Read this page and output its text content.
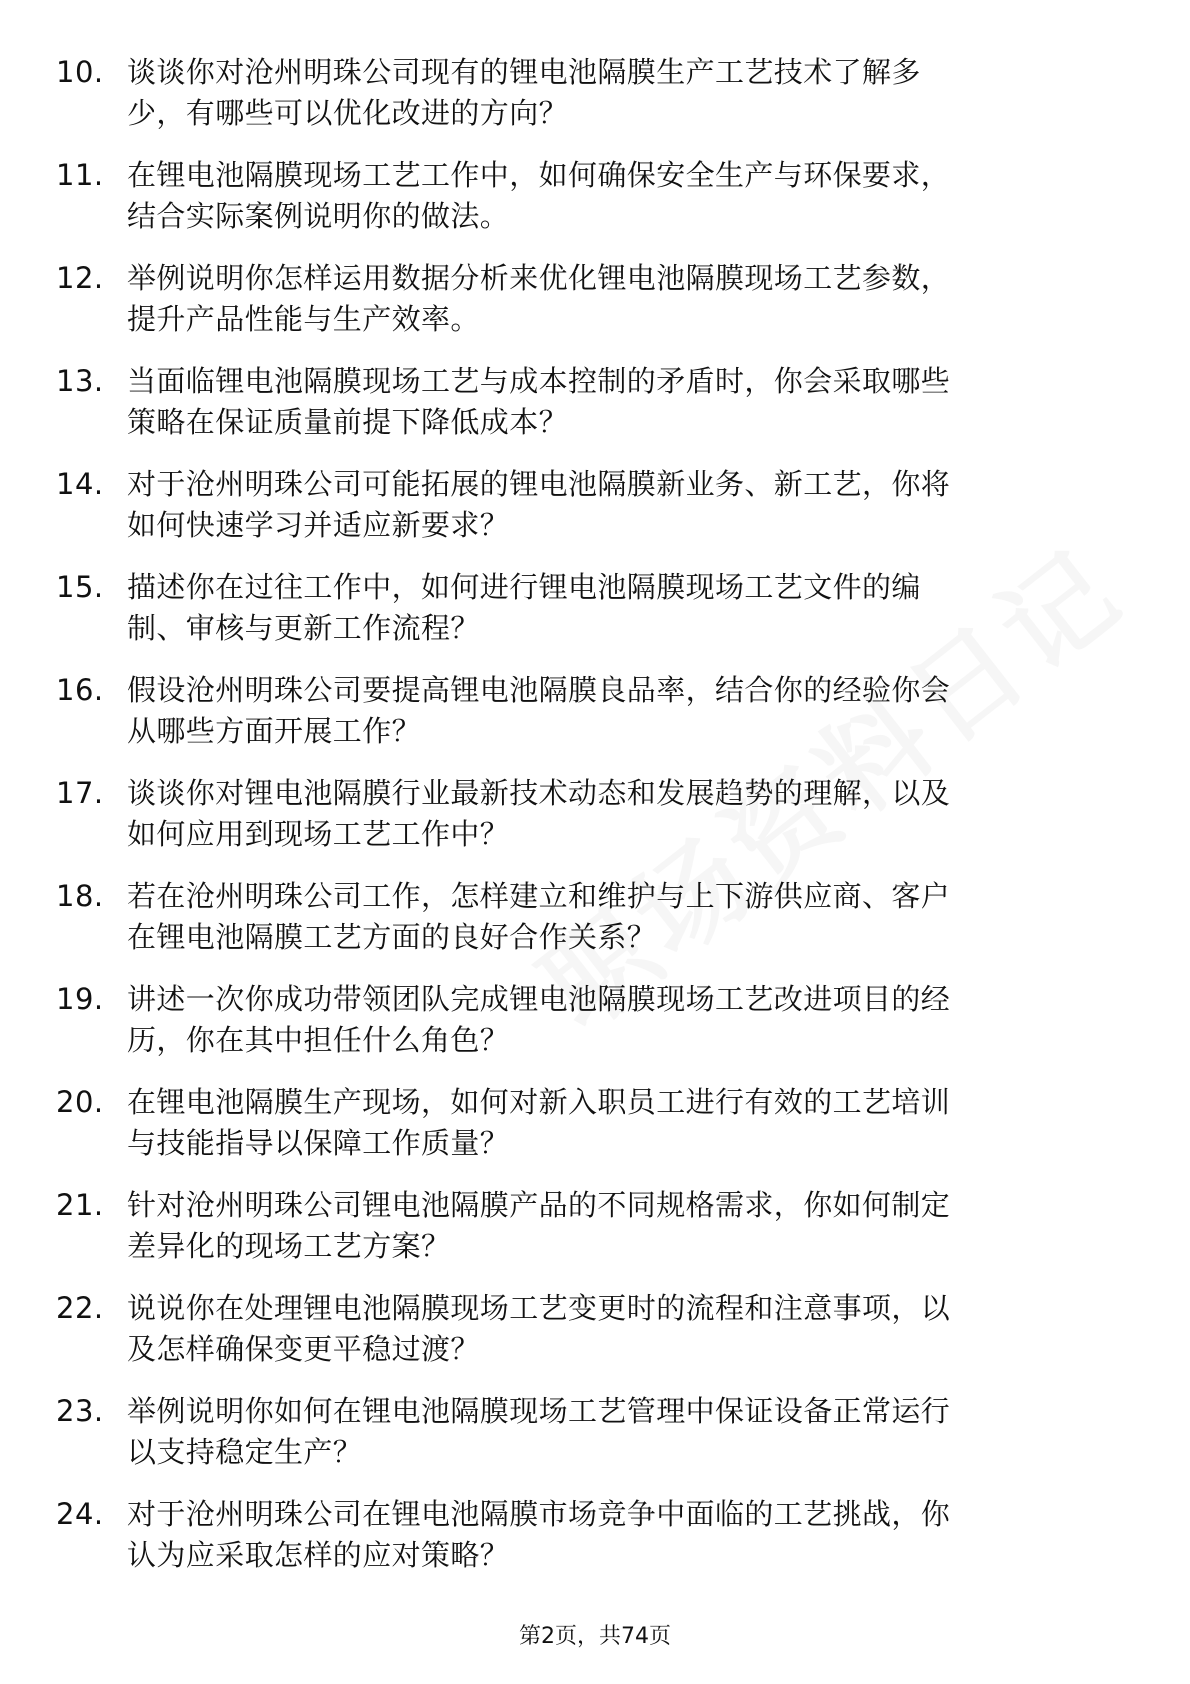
10. 谈谈你对沧州明珠公司现有的锂电池隔膜生产工艺技术了解多
少，有哪些可以优化改进的方向？
11. 在锂电池隔膜现场工艺工作中，如何确保安全生产与环保要求，
结合实际案例说明你的做法。
12. 举例说明你怎样运用数据分析来优化锂电池隔膜现场工艺参数，
提升产品性能与生产效率。
13. 当面临锂电池隔膜现场工艺与成本控制的矛盾时，你会采取哪些
策略在保证质量前提下降低成本？
14. 对于沧州明珠公司可能拓展的锂电池隔膜新业务、新工艺，你将
如何快速学习并适应新要求？
15. 描述你在过往工作中，如何进行锂电池隔膜现场工艺文件的编
制、审核与更新工作流程？
16. 假设沧州明珠公司要提高锂电池隔膜良品率，结合你的经验你会
从哪些方面开展工作？
17. 谈谈你对锂电池隔膜行业最新技术动态和发展趋势的理解，以及
如何应用到现场工艺工作中？
18. 若在沧州明珠公司工作，怎样建立和维护与上下游供应商、客户
在锂电池隔膜工艺方面的良好合作关系？
19. 讲述一次你成功带领团队完成锂电池隔膜现场工艺改进项目的经
历，你在其中担任什么角色？
20. 在锂电池隔膜生产现场，如何对新入职员工进行有效的工艺培训
与技能指导以保障工作质量？
21. 针对沧州明珠公司锂电池隔膜产品的不同规格需求，你如何制定
差异化的现场工艺方案？
22. 说说你在处理锂电池隔膜现场工艺变更时的流程和注意事项，以
及怎样确保变更平稳过渡？
23. 举例说明你如何在锂电池隔膜现场工艺管理中保证设备正常运行
以支持稳定生产？
24. 对于沧州明珠公司在锂电池隔膜市场竞争中面临的工艺挑战，你
认为应采取怎样的应对策略？
第2页，共74页
